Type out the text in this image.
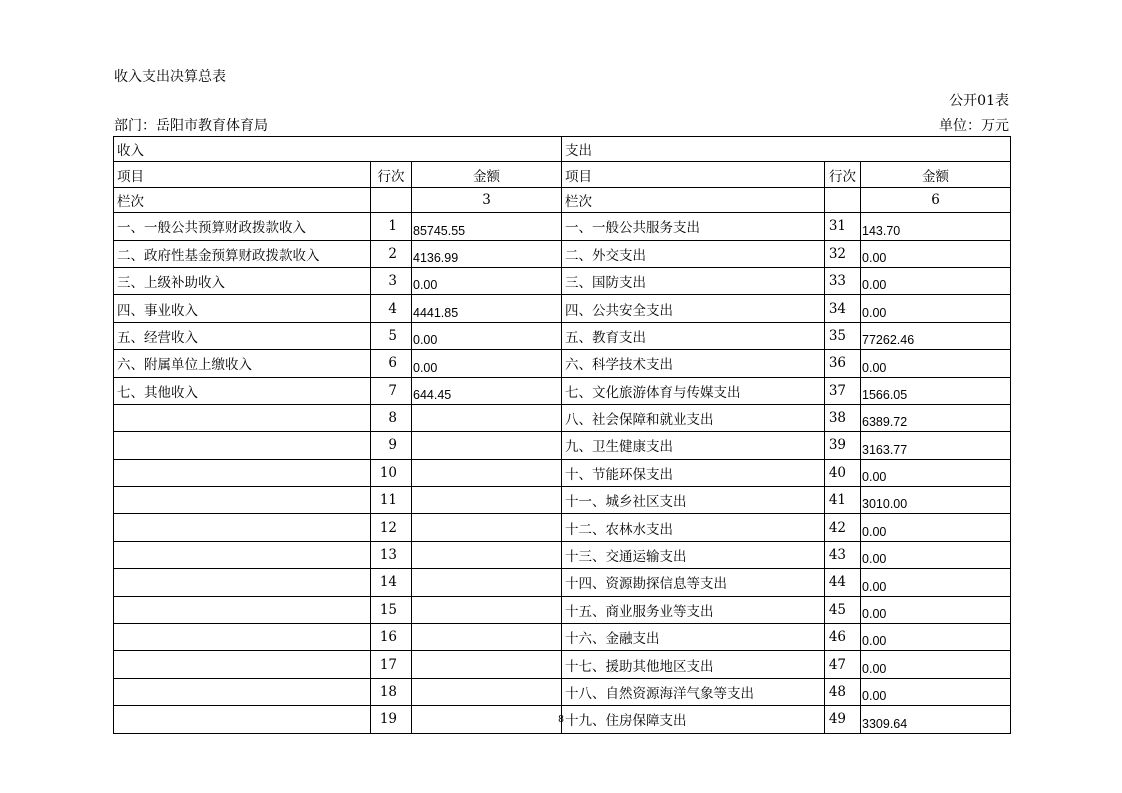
收入支出决算总表
公开01表
部门：岳阳市教育体育局	单位：万元
收入			支出		
项目	行次	金额	项目	行次	金额
栏次		3	栏次		6
一、一般公共预算财政拨款收入	1	85745.55	一、一般公共服务支出	31	143.70
二、政府性基金预算财政拨款收入	2	4136.99	二、外交支出	32	0.00
三、上级补助收入	3	0.00	三、国防支出	33	0.00
四、事业收入	4	4441.85	四、公共安全支出	34	0.00
五、经营收入	5	0.00	五、教育支出	35	77262.46
六、附属单位上缴收入	6	0.00	六、科学技术支出	36	0.00
七、其他收入	7	644.45	七、文化旅游体育与传媒支出	37	1566.05
	8		八、社会保障和就业支出	38	6389.72
	9		九、卫生健康支出	39	3163.77
	10		十、节能环保支出	40	0.00
	11		十一、城乡社区支出	41	3010.00
	12		十二、农林水支出	42	0.00
	13		十三、交通运输支出	43	0.00
	14		十四、资源勘探信息等支出	44	0.00
	15		十五、商业服务业等支出	45	0.00
	16		十六、金融支出	46	0.00
	17		十七、援助其他地区支出	47	0.00
	18		十八、自然资源海洋气象等支出	48	0.00
	19		十九、住房保障支出	49	3309.64
8
